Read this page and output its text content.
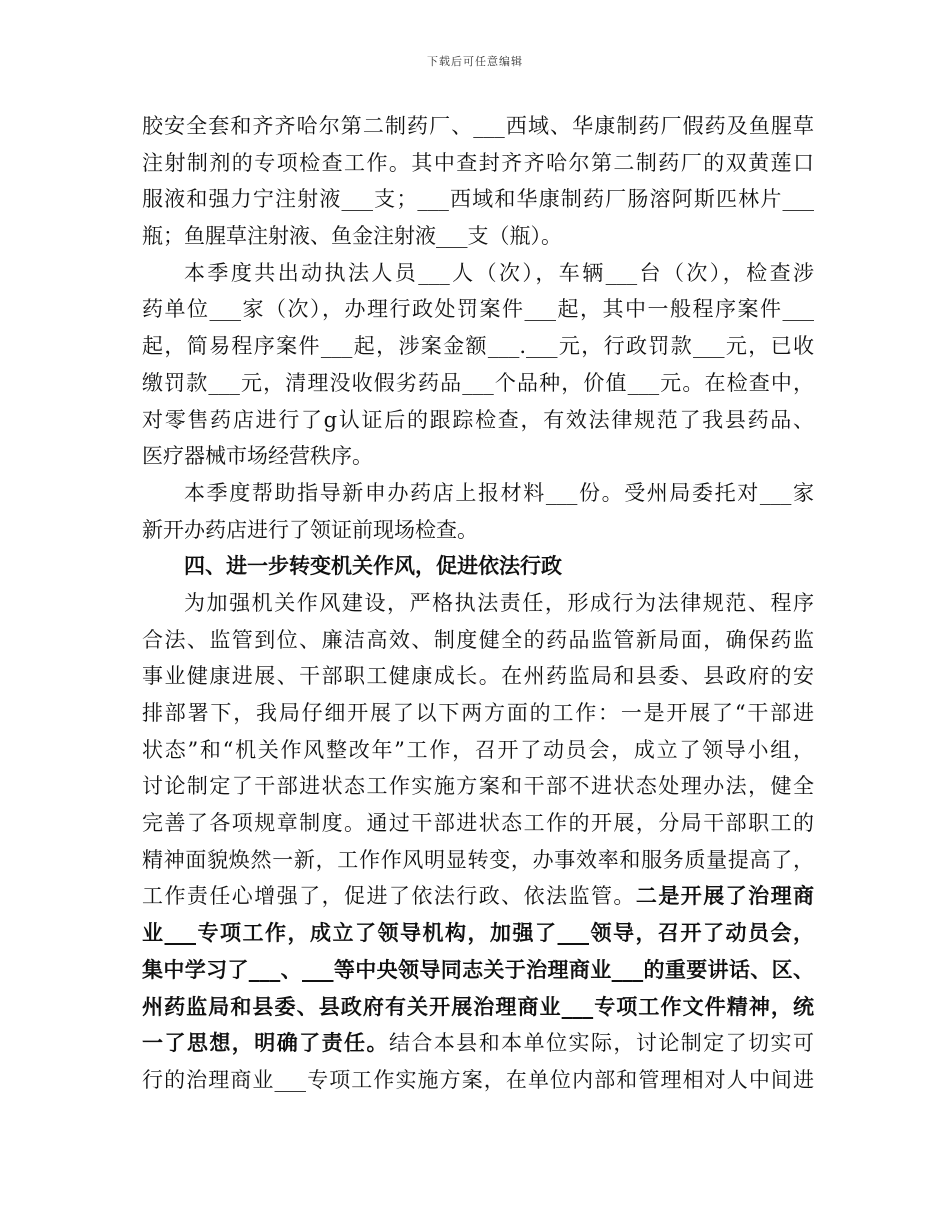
下载后可任意编辑
胶安全套和齐齐哈尔第二制药厂、___西域、华康制药厂假药及鱼腥草
注射制剂的专项检查工作。其中查封齐齐哈尔第二制药厂的双黄莲口
服液和强力宁注射液___支；___西域和华康制药厂肠溶阿斯匹林片___
瓶；鱼腥草注射液、鱼金注射液___支（瓶）。
本季度共出动执法人员___人（次），车辆___台（次），检查涉
药单位___家（次），办理行政处罚案件___起，其中一般程序案件___
起，简易程序案件___起，涉案金额___.___元，行政罚款___元，已收
缴罚款___元，清理没收假劣药品___个品种，价值___元。在检查中，
对零售药店进行了g认证后的跟踪检查，有效法律规范了我县药品、
医疗器械市场经营秩序。
本季度帮助指导新申办药店上报材料___份。受州局委托对___家
新开办药店进行了领证前现场检查。
四、进一步转变机关作风，促进依法行政
为加强机关作风建设，严格执法责任，形成行为法律规范、程序
合法、监管到位、廉洁高效、制度健全的药品监管新局面，确保药监
事业健康进展、干部职工健康成长。在州药监局和县委、县政府的安
排部署下，我局仔细开展了以下两方面的工作：一是开展了“干部进
状态”和“机关作风整改年”工作，召开了动员会，成立了领导小组，
讨论制定了干部进状态工作实施方案和干部不进状态处理办法，健全
完善了各项规章制度。通过干部进状态工作的开展，分局干部职工的
精神面貌焕然一新，工作作风明显转变，办事效率和服务质量提高了，
工作责任心增强了，促进了依法行政、依法监管。二是开展了治理商
业___专项工作，成立了领导机构，加强了___领导，召开了动员会，
集中学习了___、___等中央领导同志关于治理商业___的重要讲话、区、
州药监局和县委、县政府有关开展治理商业___专项工作文件精神，统
一了思想，明确了责任。结合本县和本单位实际，讨论制定了切实可
行的治理商业___专项工作实施方案，在单位内部和管理相对人中间进
